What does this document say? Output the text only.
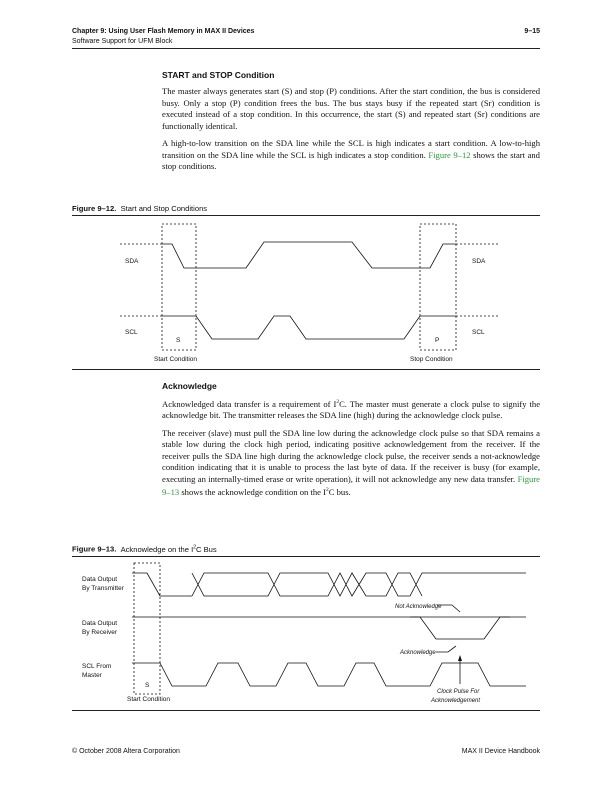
Chapter 9: Using User Flash Memory in MAX II Devices
Software Support for UFM Block
9–15
START and STOP Condition

The master always generates start (S) and stop (P) conditions. After the start condition, the bus is considered busy. Only a stop (P) condition frees the bus. The bus stays busy if the repeated start (Sr) condition is executed instead of a stop condition. In this occurrence, the start (S) and repeated start (Sr) conditions are functionally identical.

A high-to-low transition on the SDA line while the SCL is high indicates a start condition. A low-to-high transition on the SDA line while the SCL is high indicates a stop condition. Figure 9–12 shows the start and stop conditions.

Figure 9–12. Start and Stop Conditions
SDA	SDA
SCL	SCL
S	P
Start Condition	Stop Condition
Acknowledge

Acknowledged data transfer is a requirement of $I^2C$. The master must generate a clock pulse to signify the acknowledge bit. The transmitter releases the SDA line (high) during the acknowledge clock pulse.

The receiver (slave) must pull the SDA line low during the acknowledge clock pulse so that SDA remains a stable low during the clock high period, indicating positive acknowledgement from the receiver. If the receiver pulls the SDA line high during the acknowledge clock pulse, the receiver sends a not-acknowledge condition indicating that it is unable to process the last byte of data. If the receiver is busy (for example, executing an internally-timed erase or write operation), it will not acknowledge any new data transfer. Figure 9–13 shows the acknowledge condition on the $I^2C$ bus.

Figure 9–13. Acknowledge on the $I^2C$ Bus
Data Output
By Transmitter
Data Output
By Receiver
SCL From
Master
S
Start Condition
Not Acknowledge
Acknowledge
Clock Pulse For
Acknowledgement
© October 2008 Altera Corporation	MAX II Device Handbook
